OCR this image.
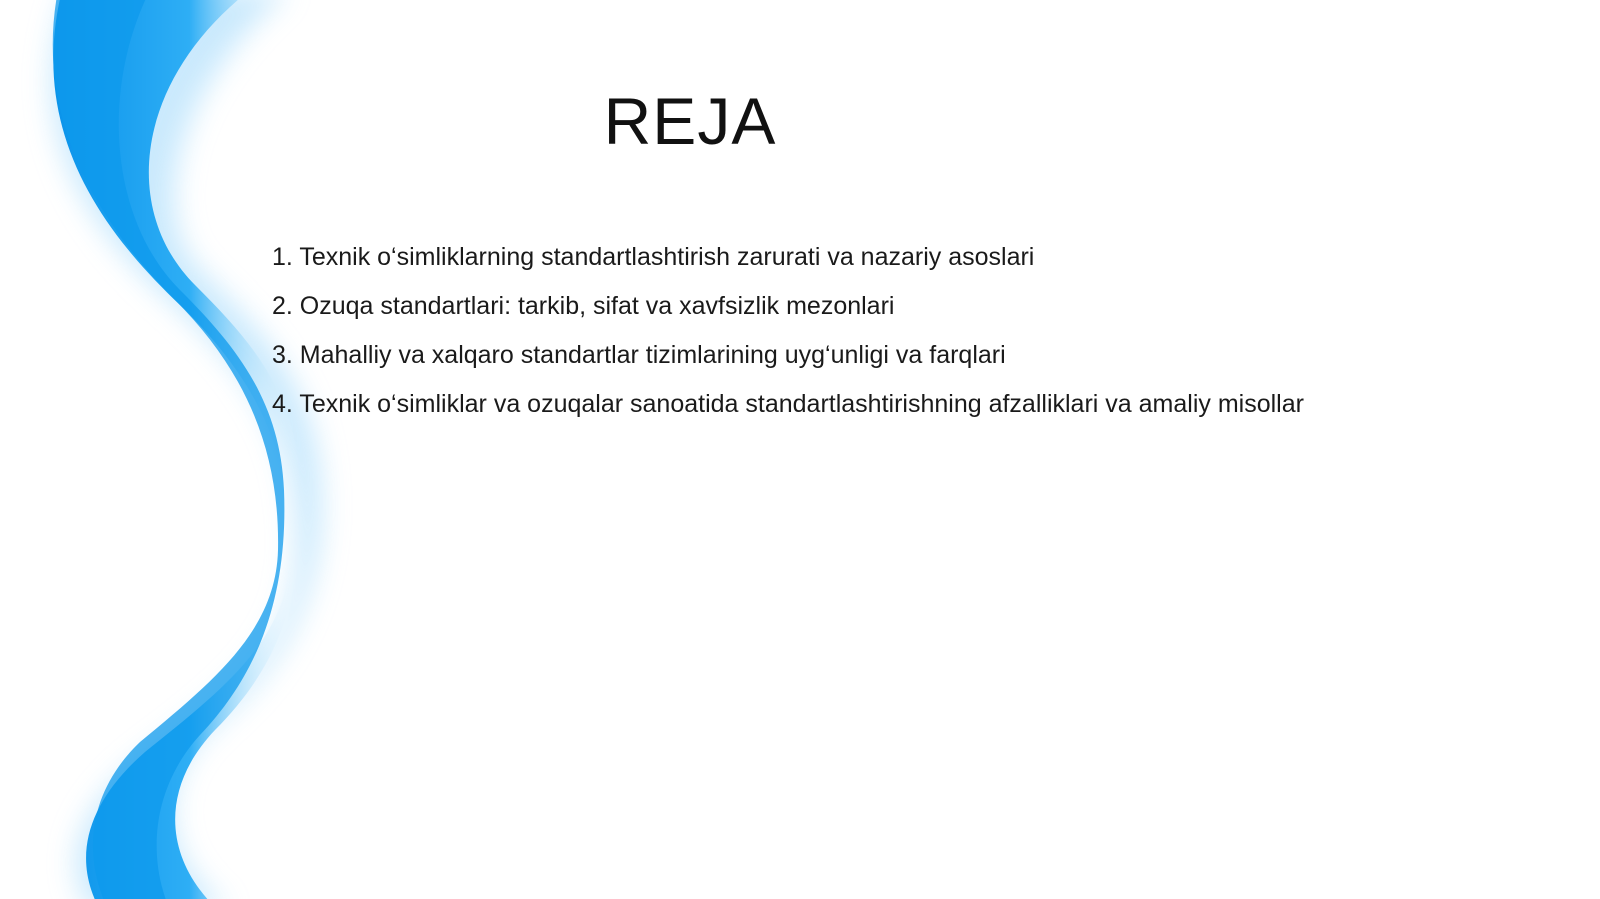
REJA
1. Texnik o‘simliklarning standartlashtirish zarurati va nazariy asoslari
2. Ozuqa standartlari: tarkib, sifat va xavfsizlik mezonlari
3. Mahalliy va xalqaro standartlar tizimlarining uyg‘unligi va farqlari
4. Texnik o‘simliklar va ozuqalar sanoatida standartlashtirishning afzalliklari va amaliy misollar
